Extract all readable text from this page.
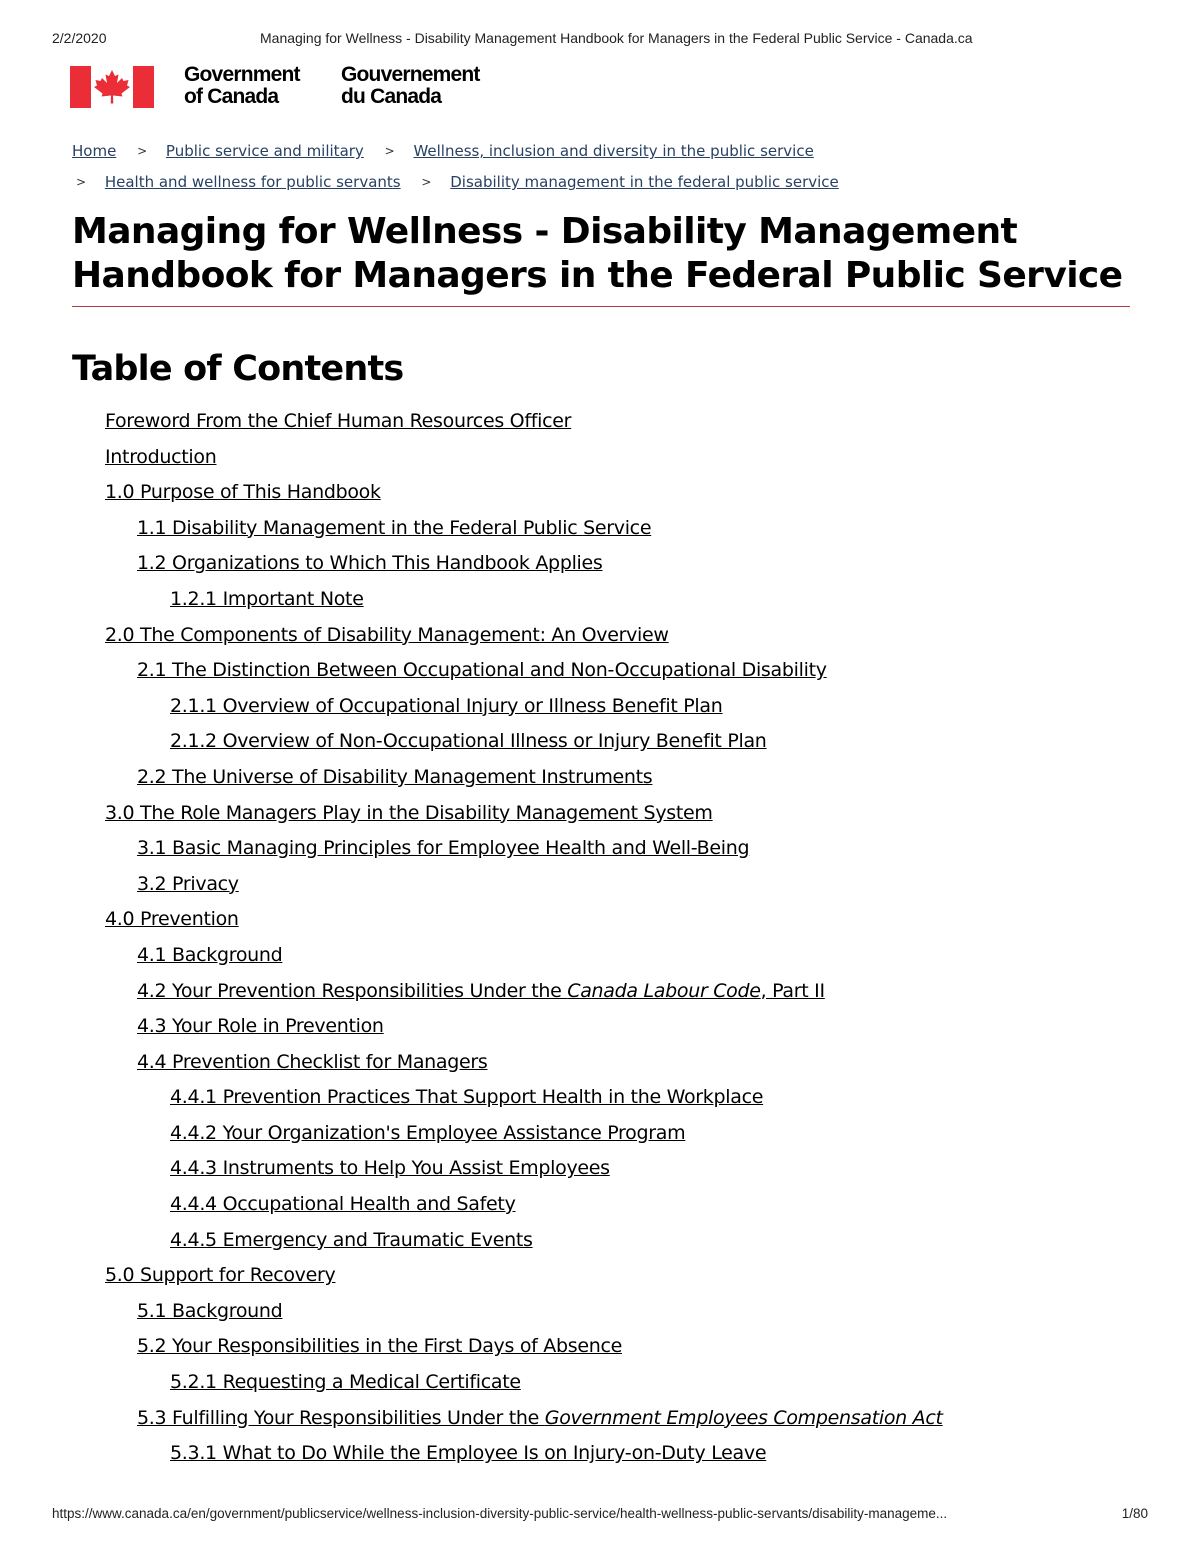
2/2/2020	Managing for Wellness - Disability Management Handbook for Managers in the Federal Public Service - Canada.ca
Government
of Canada
Gouvernement
du Canada
Home > Public service and military > Wellness, inclusion and diversity in the public service
> Health and wellness for public servants > Disability management in the federal public service
Managing for Wellness - Disability Management
Handbook for Managers in the Federal Public Service
Table of Contents
Foreword From the Chief Human Resources Officer
Introduction
1.0 Purpose of This Handbook
1.1 Disability Management in the Federal Public Service
1.2 Organizations to Which This Handbook Applies
1.2.1 Important Note
2.0 The Components of Disability Management: An Overview
2.1 The Distinction Between Occupational and Non-Occupational Disability
2.1.1 Overview of Occupational Injury or Illness Benefit Plan
2.1.2 Overview of Non-Occupational Illness or Injury Benefit Plan
2.2 The Universe of Disability Management Instruments
3.0 The Role Managers Play in the Disability Management System
3.1 Basic Managing Principles for Employee Health and Well-Being
3.2 Privacy
4.0 Prevention
4.1 Background
4.2 Your Prevention Responsibilities Under the Canada Labour Code, Part II
4.3 Your Role in Prevention
4.4 Prevention Checklist for Managers
4.4.1 Prevention Practices That Support Health in the Workplace
4.4.2 Your Organization's Employee Assistance Program
4.4.3 Instruments to Help You Assist Employees
4.4.4 Occupational Health and Safety
4.4.5 Emergency and Traumatic Events
5.0 Support for Recovery
5.1 Background
5.2 Your Responsibilities in the First Days of Absence
5.2.1 Requesting a Medical Certificate
5.3 Fulfilling Your Responsibilities Under the Government Employees Compensation Act
5.3.1 What to Do While the Employee Is on Injury-on-Duty Leave
https://www.canada.ca/en/government/publicservice/wellness-inclusion-diversity-public-service/health-wellness-public-servants/disability-manageme...	1/80
